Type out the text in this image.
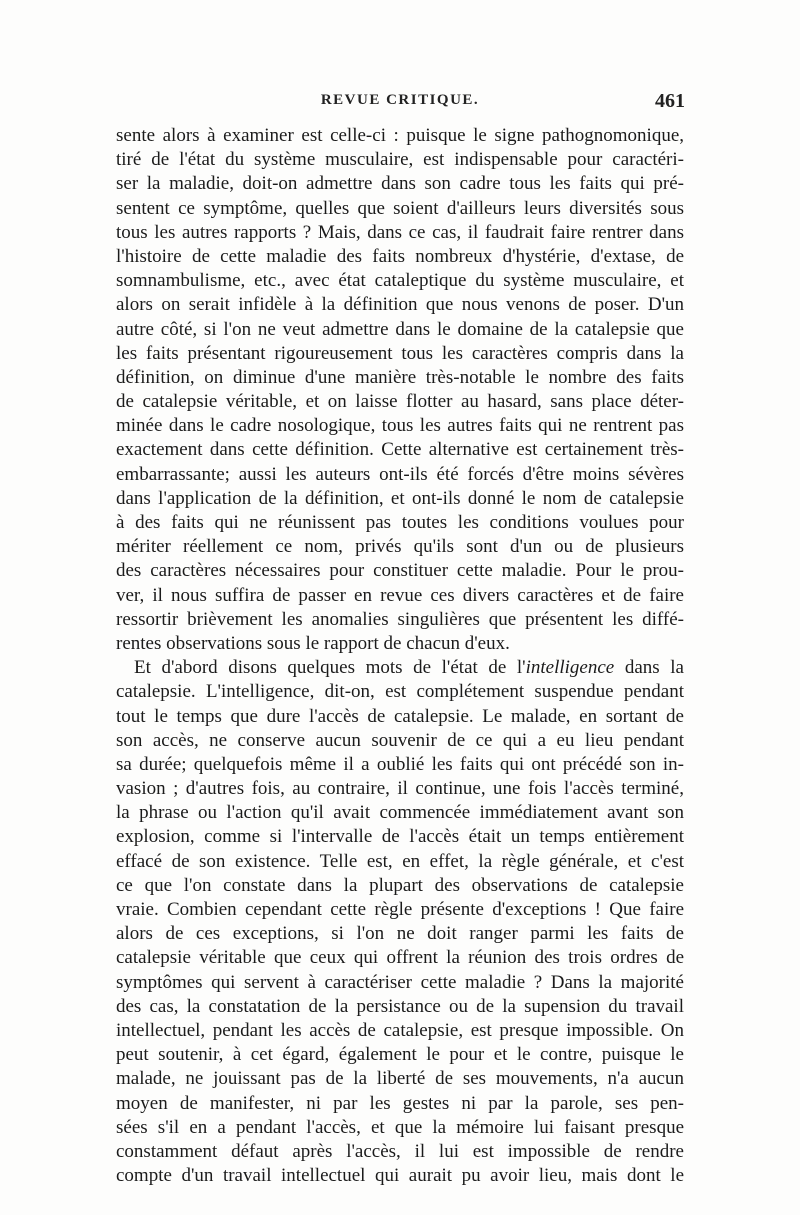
REVUE CRITIQUE.	461
sente alors à examiner est celle-ci : puisque le signe pathognomonique,
tiré de l'état du système musculaire, est indispensable pour caractéri-
ser la maladie, doit-on admettre dans son cadre tous les faits qui pré-
sentent ce symptôme, quelles que soient d'ailleurs leurs diversités sous
tous les autres rapports ? Mais, dans ce cas, il faudrait faire rentrer dans
l'histoire de cette maladie des faits nombreux d'hystérie, d'extase, de
somnambulisme, etc., avec état cataleptique du système musculaire, et
alors on serait infidèle à la définition que nous venons de poser. D'un
autre côté, si l'on ne veut admettre dans le domaine de la catalepsie que
les faits présentant rigoureusement tous les caractères compris dans la
définition, on diminue d'une manière très-notable le nombre des faits
de catalepsie véritable, et on laisse flotter au hasard, sans place déter-
minée dans le cadre nosologique, tous les autres faits qui ne rentrent pas
exactement dans cette définition. Cette alternative est certainement très-
embarrassante; aussi les auteurs ont-ils été forcés d'être moins sévères
dans l'application de la définition, et ont-ils donné le nom de catalepsie
à des faits qui ne réunissent pas toutes les conditions voulues pour
mériter réellement ce nom, privés qu'ils sont d'un ou de plusieurs
des caractères nécessaires pour constituer cette maladie. Pour le prou-
ver, il nous suffira de passer en revue ces divers caractères et de faire
ressortir brièvement les anomalies singulières que présentent les diffé-
rentes observations sous le rapport de chacun d'eux.
Et d'abord disons quelques mots de l'état de l'intelligence dans la
catalepsie. L'intelligence, dit-on, est complétement suspendue pendant
tout le temps que dure l'accès de catalepsie. Le malade, en sortant de
son accès, ne conserve aucun souvenir de ce qui a eu lieu pendant
sa durée; quelquefois même il a oublié les faits qui ont précédé son in-
vasion ; d'autres fois, au contraire, il continue, une fois l'accès terminé,
la phrase ou l'action qu'il avait commencée immédiatement avant son
explosion, comme si l'intervalle de l'accès était un temps entièrement
effacé de son existence. Telle est, en effet, la règle générale, et c'est
ce que l'on constate dans la plupart des observations de catalepsie
vraie. Combien cependant cette règle présente d'exceptions ! Que faire
alors de ces exceptions, si l'on ne doit ranger parmi les faits de
catalepsie véritable que ceux qui offrent la réunion des trois ordres de
symptômes qui servent à caractériser cette maladie ? Dans la majorité
des cas, la constatation de la persistance ou de la supension du travail
intellectuel, pendant les accès de catalepsie, est presque impossible. On
peut soutenir, à cet égard, également le pour et le contre, puisque le
malade, ne jouissant pas de la liberté de ses mouvements, n'a aucun
moyen de manifester, ni par les gestes ni par la parole, ses pen-
sées s'il en a pendant l'accès, et que la mémoire lui faisant presque
constamment défaut après l'accès, il lui est impossible de rendre
compte d'un travail intellectuel qui aurait pu avoir lieu, mais dont le
